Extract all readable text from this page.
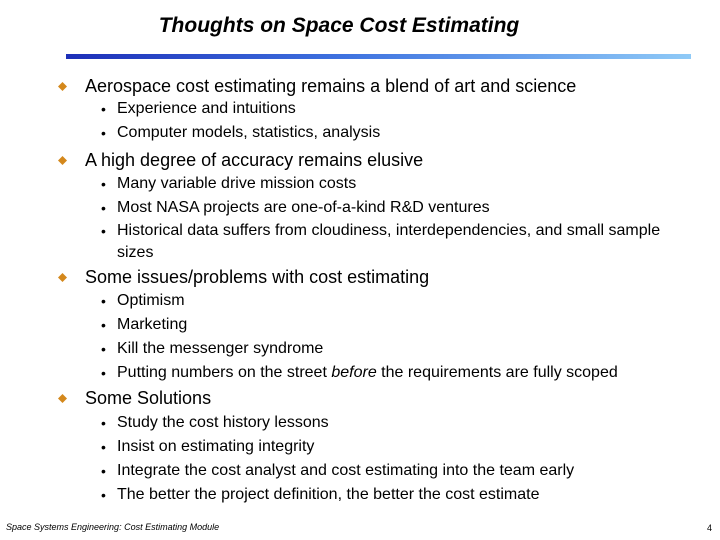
Thoughts on Space Cost Estimating
Aerospace cost estimating remains a blend of art and science
• Experience and intuitions
• Computer models, statistics, analysis
A high degree of accuracy remains elusive
• Many variable drive mission costs
• Most NASA projects are one-of-a-kind R&D ventures
• Historical data suffers from cloudiness, interdependencies, and small sample sizes
Some issues/problems with cost estimating
• Optimism
• Marketing
• Kill the messenger syndrome
• Putting numbers on the street before the requirements are fully scoped
Some Solutions
• Study the cost history lessons
• Insist on estimating integrity
• Integrate the cost analyst and cost estimating into the team early
• The better the project definition, the better the cost estimate
Space Systems Engineering: Cost Estimating Module	4
